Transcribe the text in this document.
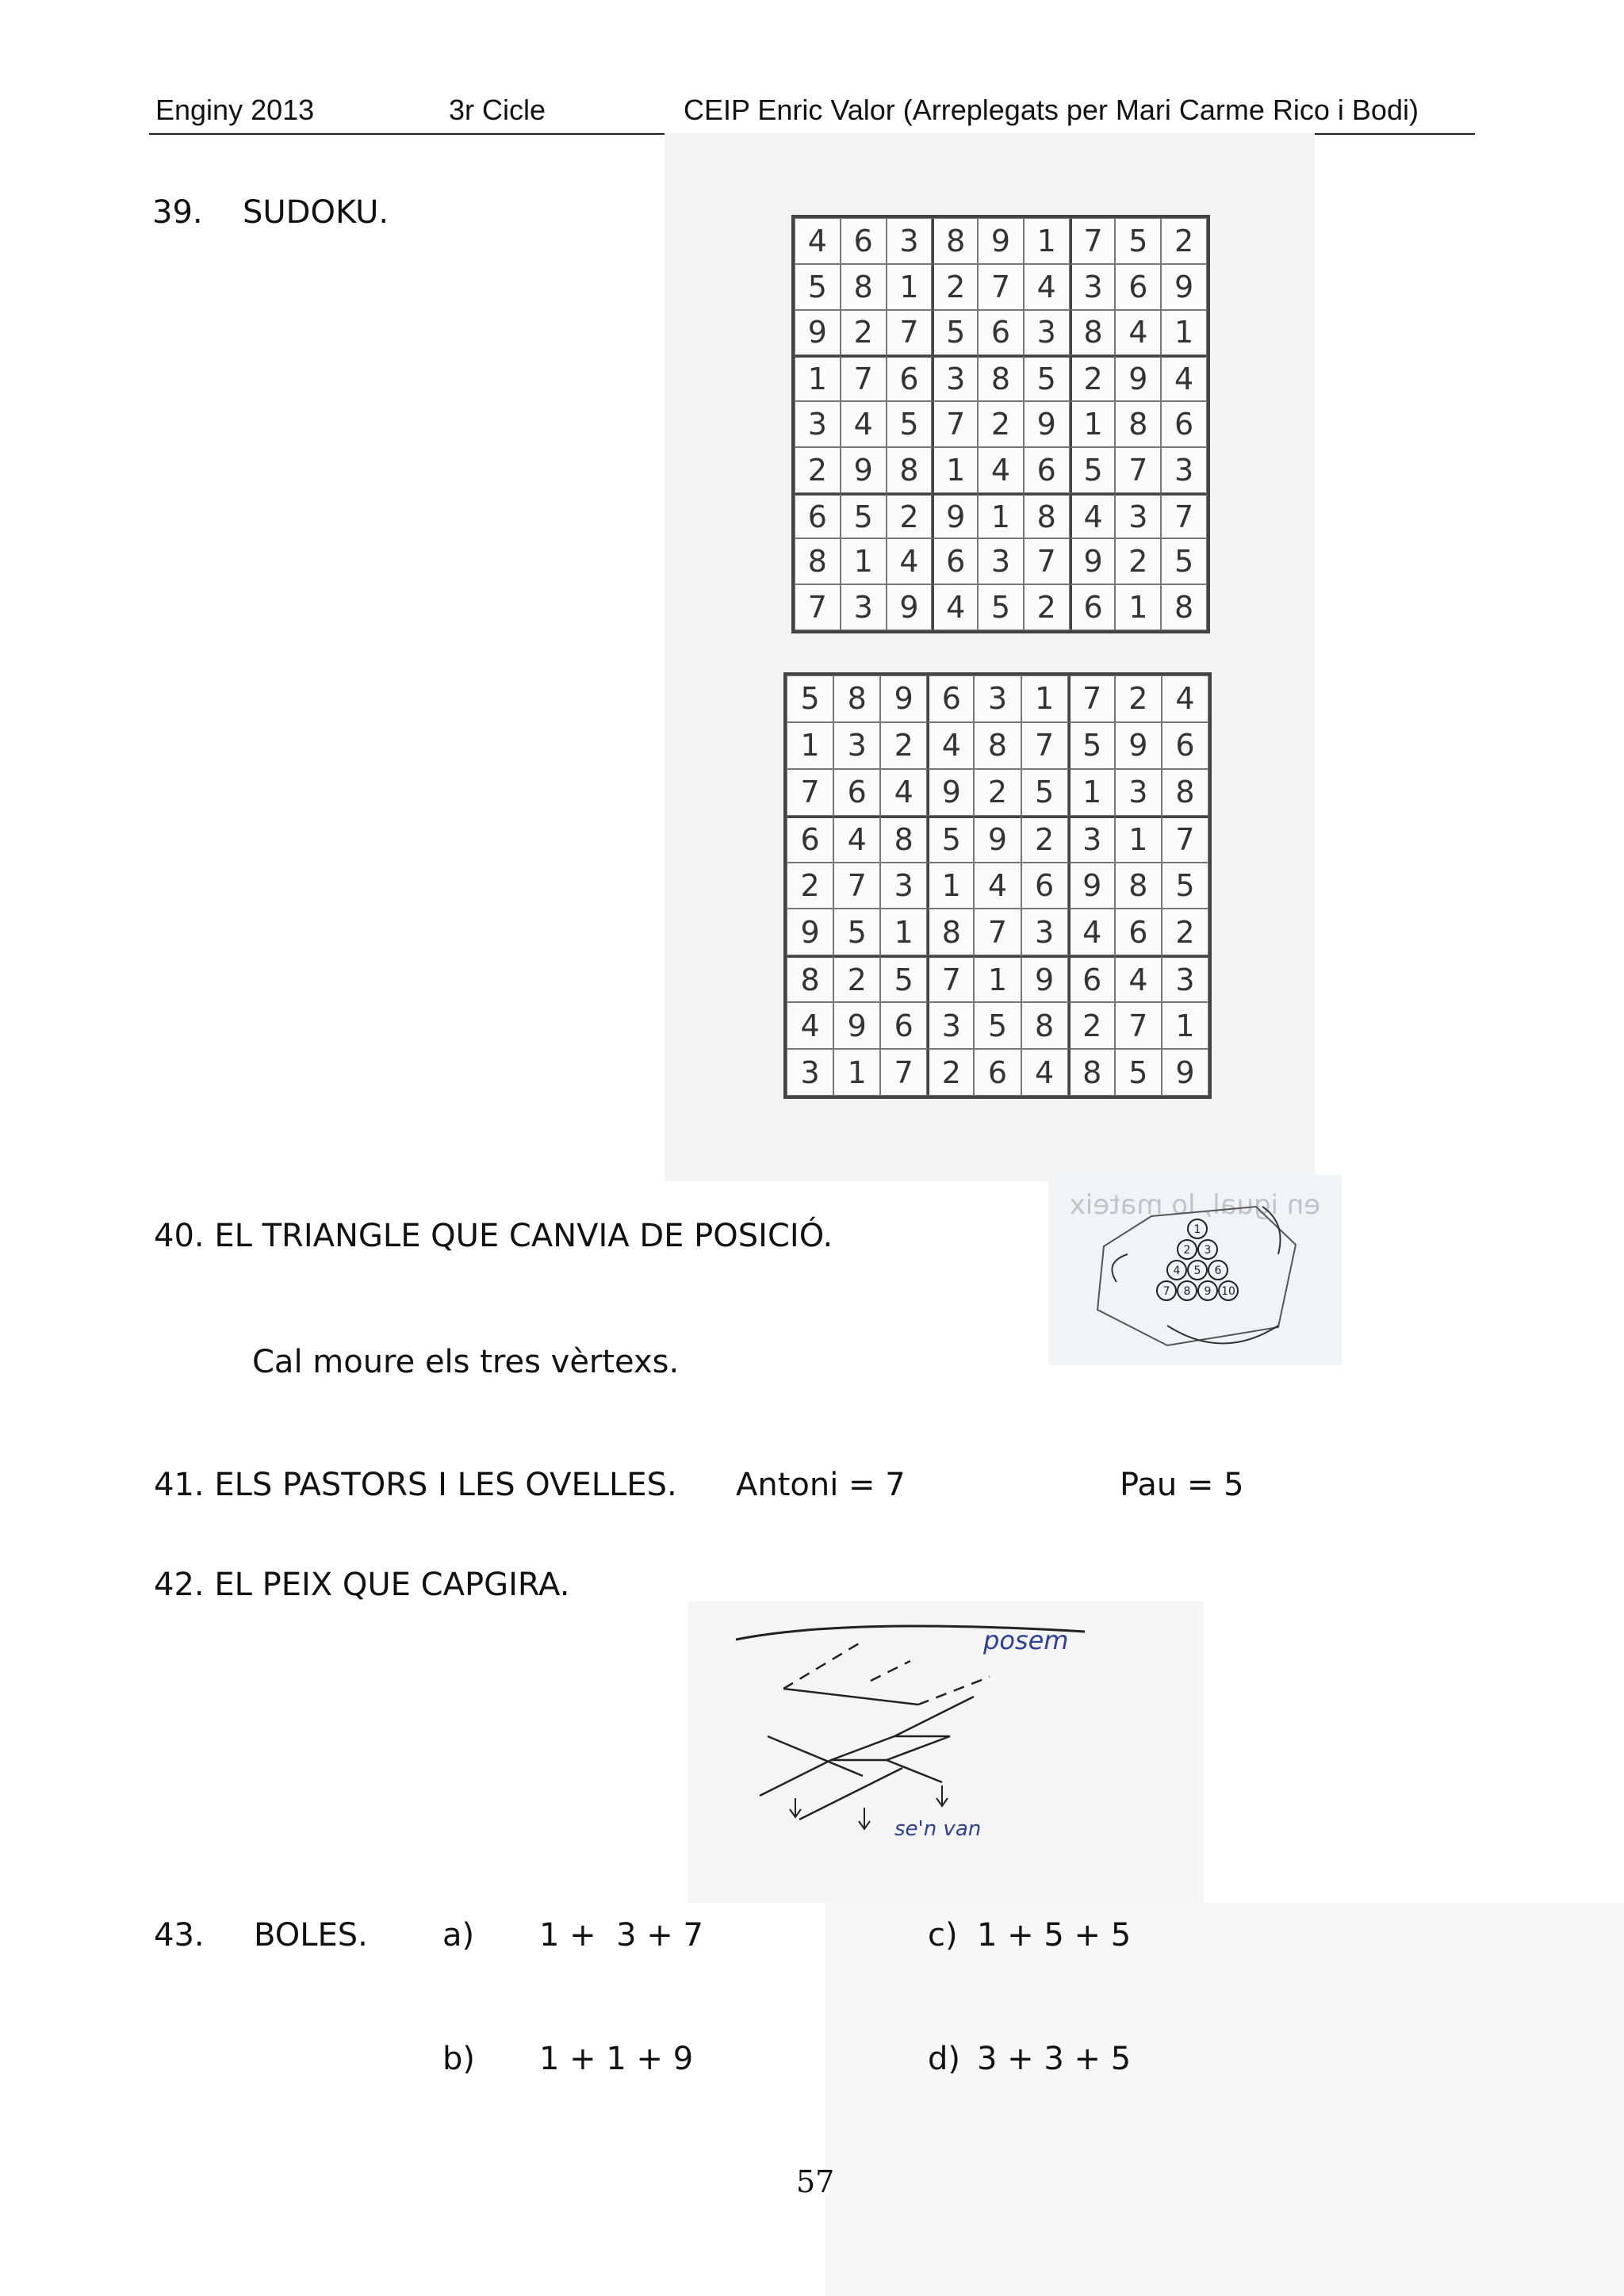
Enginy 2013	3r Cicle	CEIP Enric Valor (Arreplegats per Mari Carme Rico i Bodi)
4 6 3 8 9 1 7 5 2
5 8 1 2 7 4 3 6 9
9 2 7 5 6 3 8 4 1
1 7 6 3 8 5 2 9 4
3 4 5 7 2 9 1 8 6
2 9 8 1 4 6 5 7 3
6 5 2 9 1 8 4 3 7
8 1 4 6 3 7 9 2 5
7 3 9 4 5 2 6 1 8
5 8 9 6 3 1 7 2 4
1 3 2 4 8 7 5 9 6
7 6 4 9 2 5 1 3 8
6 4 8 5 9 2 3 1 7
2 7 3 1 4 6 9 8 5
9 5 1 8 7 3 4 6 2
8 2 5 7 1 9 6 4 3
4 9 6 3 5 8 2 7 1
3 1 7 2 6 4 8 5 9
39. SUDOKU.
40. EL TRIANGLE QUE CANVIA DE POSICIÓ.
Cal moure els tres vèrtexs.
en igual, lo mateix
1
2 3
4 5 6
7 8 9 10
41. ELS PASTORS I LES OVELLES. Antoni = 7	Pau = 5
42. EL PEIX QUE CAPGIRA.
posem
se'n van
43. BOLES. a) 1 +  3 + 7	c) 1 + 5 + 5
b) 1 + 1 + 9	d) 3 + 3 + 5
57
